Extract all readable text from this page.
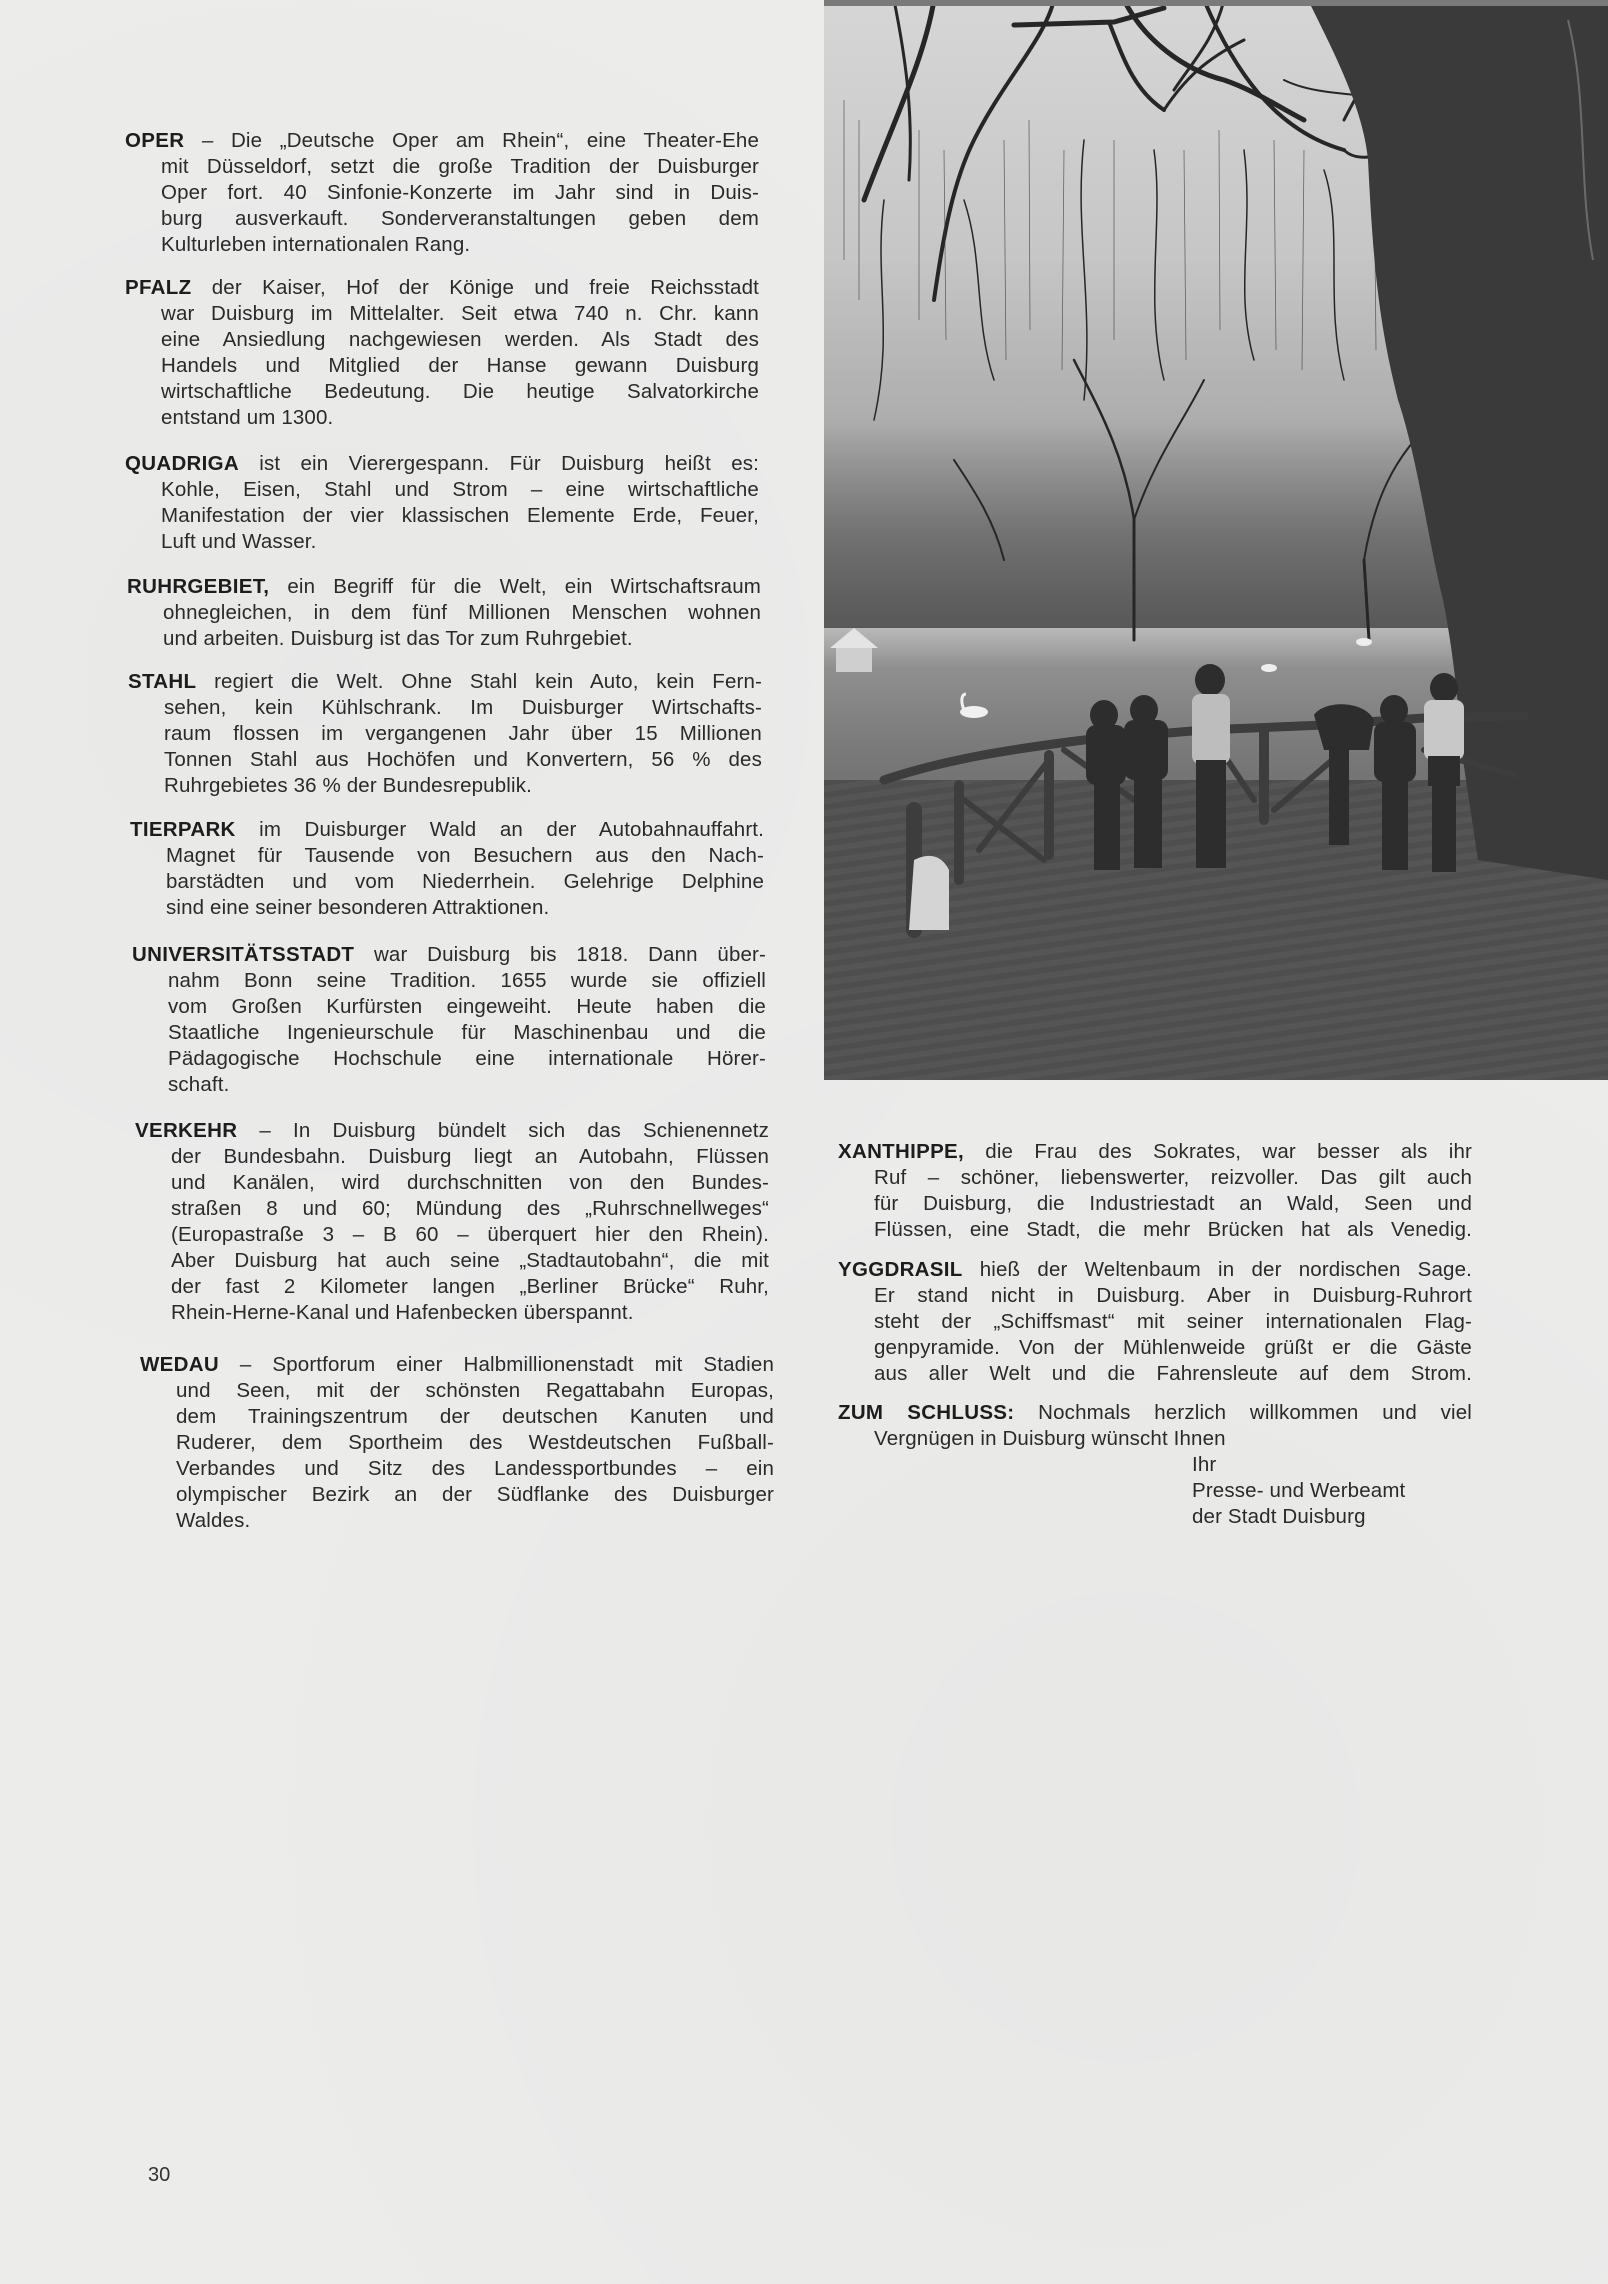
OPER – Die „Deutsche Oper am Rhein“, eine Theater-Ehe
mit Düsseldorf, setzt die große Tradition der Duisburger
Oper fort. 40 Sinfonie-Konzerte im Jahr sind in Duis-
burg ausverkauft. Sonderveranstaltungen geben dem
Kulturleben internationalen Rang.
PFALZ der Kaiser, Hof der Könige und freie Reichsstadt
war Duisburg im Mittelalter. Seit etwa 740 n. Chr. kann
eine Ansiedlung nachgewiesen werden. Als Stadt des
Handels und Mitglied der Hanse gewann Duisburg
wirtschaftliche Bedeutung. Die heutige Salvatorkirche
entstand um 1300.
QUADRIGA ist ein Vierergespann. Für Duisburg heißt es:
Kohle, Eisen, Stahl und Strom – eine wirtschaftliche
Manifestation der vier klassischen Elemente Erde, Feuer,
Luft und Wasser.
RUHRGEBIET, ein Begriff für die Welt, ein Wirtschaftsraum
ohnegleichen, in dem fünf Millionen Menschen wohnen
und arbeiten. Duisburg ist das Tor zum Ruhrgebiet.
STAHL regiert die Welt. Ohne Stahl kein Auto, kein Fern-
sehen, kein Kühlschrank. Im Duisburger Wirtschafts-
raum flossen im vergangenen Jahr über 15 Millionen
Tonnen Stahl aus Hochöfen und Konvertern, 56 % des
Ruhrgebietes 36 % der Bundesrepublik.
TIERPARK im Duisburger Wald an der Autobahnauffahrt.
Magnet für Tausende von Besuchern aus den Nach-
barstädten und vom Niederrhein. Gelehrige Delphine
sind eine seiner besonderen Attraktionen.
UNIVERSITÄTSSTADT war Duisburg bis 1818. Dann über-
nahm Bonn seine Tradition. 1655 wurde sie offiziell
vom Großen Kurfürsten eingeweiht. Heute haben die
Staatliche Ingenieurschule für Maschinenbau und die
Pädagogische Hochschule eine internationale Hörer-
schaft.
VERKEHR – In Duisburg bündelt sich das Schienennetz
der Bundesbahn. Duisburg liegt an Autobahn, Flüssen
und Kanälen, wird durchschnitten von den Bundes-
straßen 8 und 60; Mündung des „Ruhrschnellweges“
(Europastraße 3 – B 60 – überquert hier den Rhein).
Aber Duisburg hat auch seine „Stadtautobahn“, die mit
der fast 2 Kilometer langen „Berliner Brücke“ Ruhr,
Rhein-Herne-Kanal und Hafenbecken überspannt.
WEDAU – Sportforum einer Halbmillionenstadt mit Stadien
und Seen, mit der schönsten Regattabahn Europas,
dem Trainingszentrum der deutschen Kanuten und
Ruderer, dem Sportheim des Westdeutschen Fußball-
Verbandes und Sitz des Landessportbundes – ein
olympischer Bezirk an der Südflanke des Duisburger
Waldes.
XANTHIPPE, die Frau des Sokrates, war besser als ihr
Ruf – schöner, liebenswerter, reizvoller. Das gilt auch
für Duisburg, die Industriestadt an Wald, Seen und
Flüssen, eine Stadt, die mehr Brücken hat als Venedig.
YGGDRASIL hieß der Weltenbaum in der nordischen Sage.
Er stand nicht in Duisburg. Aber in Duisburg-Ruhrort
steht der „Schiffsmast“ mit seiner internationalen Flag-
genpyramide. Von der Mühlenweide grüßt er die Gäste
aus aller Welt und die Fahrensleute auf dem Strom.
ZUM SCHLUSS: Nochmals herzlich willkommen und viel
Vergnügen in Duisburg wünscht Ihnen
Ihr
Presse- und Werbeamt
der Stadt Duisburg
30
